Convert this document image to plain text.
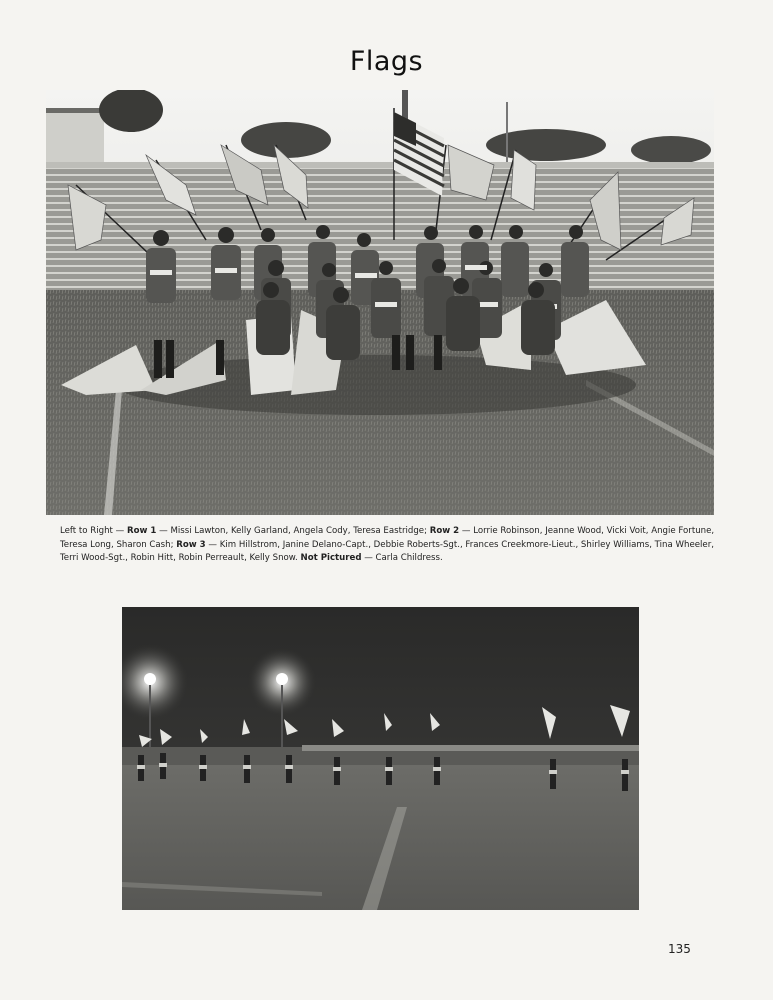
Flags
Left to Right — Row 1 — Missi Lawton, Kelly Garland, Angela Cody, Teresa Eastridge; Row 2 — Lorrie Robinson, Jeanne Wood, Vicki Voit, Angie Fortune, Teresa Long, Sharon Cash; Row 3 — Kim Hillstrom, Janine Delano-Capt., Debbie Roberts-Sgt., Frances Creekmore-Lieut., Shirley Williams, Tina Wheeler, Terri Wood-Sgt., Robin Hitt, Robin Perreault, Kelly Snow. Not Pictured — Carla Childress.
135
